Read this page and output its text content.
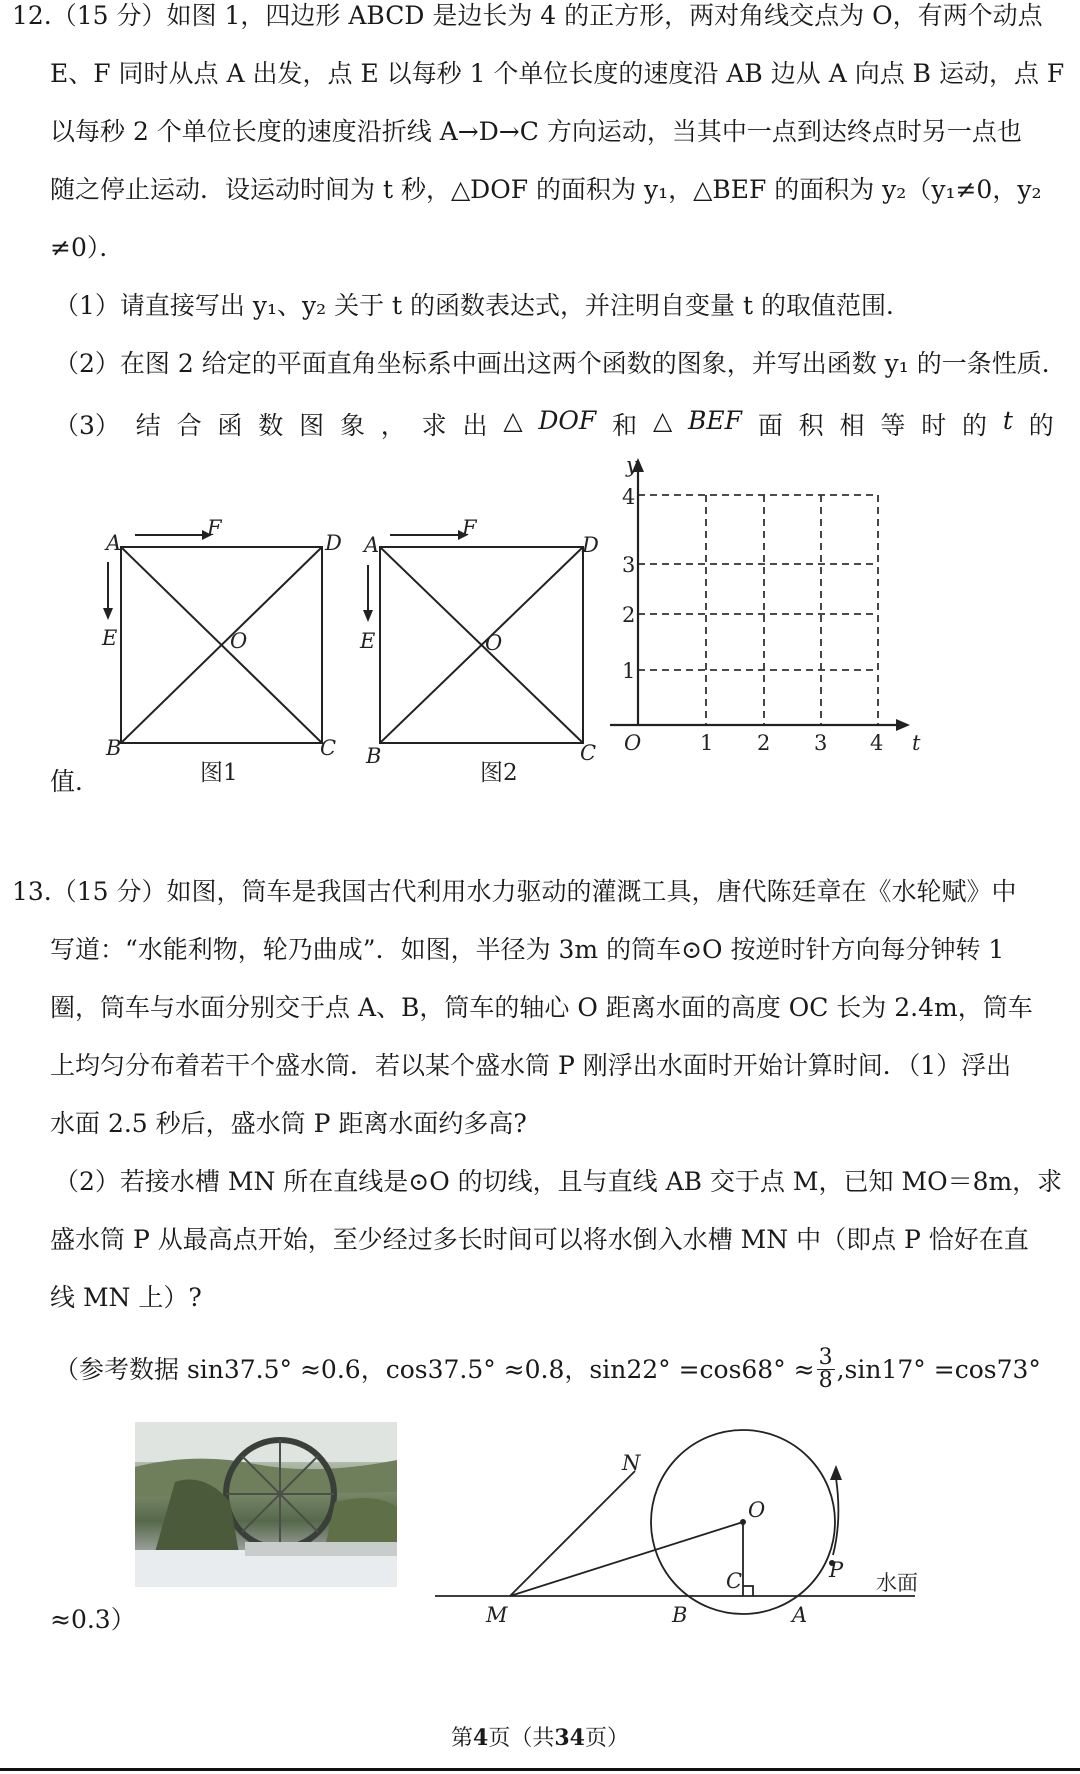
12.（15 分）如图 1，四边形 ABCD 是边长为 4 的正方形，两对角线交点为 O，有两个动点
E、F 同时从点 A 出发，点 E 以每秒 1 个单位长度的速度沿 AB 边从 A 向点 B 运动，点 F
以每秒 2 个单位长度的速度沿折线 A→D→C 方向运动，当其中一点到达终点时另一点也
随之停止运动．设运动时间为 t 秒，△DOF 的面积为 y₁，△BEF 的面积为 y₂（y₁≠0，y₂
≠0）．
（1）请直接写出 y₁、y₂ 关于 t 的函数表达式，并注明自变量 t 的取值范围．
（2）在图 2 给定的平面直角坐标系中画出这两个函数的图象，并写出函数 y₁ 的一条性质．
（3） 结 合 函 数 图 象 ， 求 出 △ DOF 和 △ BEF 面 积 相 等 时 的 t 的
值．
A
F
D
E	O
B	C
图1
A
F
D
E	O
B	C
图2
y
t
O	1 2 3 4
1
2
3
4
13.（15 分）如图，筒车是我国古代利用水力驱动的灌溉工具，唐代陈廷章在《水轮赋》中
写道：“水能利物，轮乃曲成”．如图，半径为 3m 的筒车⊙O 按逆时针方向每分钟转 1
圈，筒车与水面分别交于点 A、B，筒车的轴心 O 距离水面的高度 OC 长为 2.4m，筒车
上均匀分布着若干个盛水筒．若以某个盛水筒 P 刚浮出水面时开始计算时间．（1）浮出
水面 2.5 秒后，盛水筒 P 距离水面约多高?
（2）若接水槽 MN 所在直线是⊙O 的切线，且与直线 AB 交于点 M，已知 MO＝8m，求
盛水筒 P 从最高点开始，至少经过多长时间可以将水倒入水槽 MN 中（即点 P 恰好在直
线 MN 上）?
（参考数据 sin37.5° ≈0.6，cos37.5° ≈0.8，$\sin 22^\circ =\cos 68^\circ \approx \frac{3}{8} ,\sin 17^\circ =\cos 73^\circ$
≈0.3）
N
O
P
C
M	B	A
水面
第4页（共34页）
